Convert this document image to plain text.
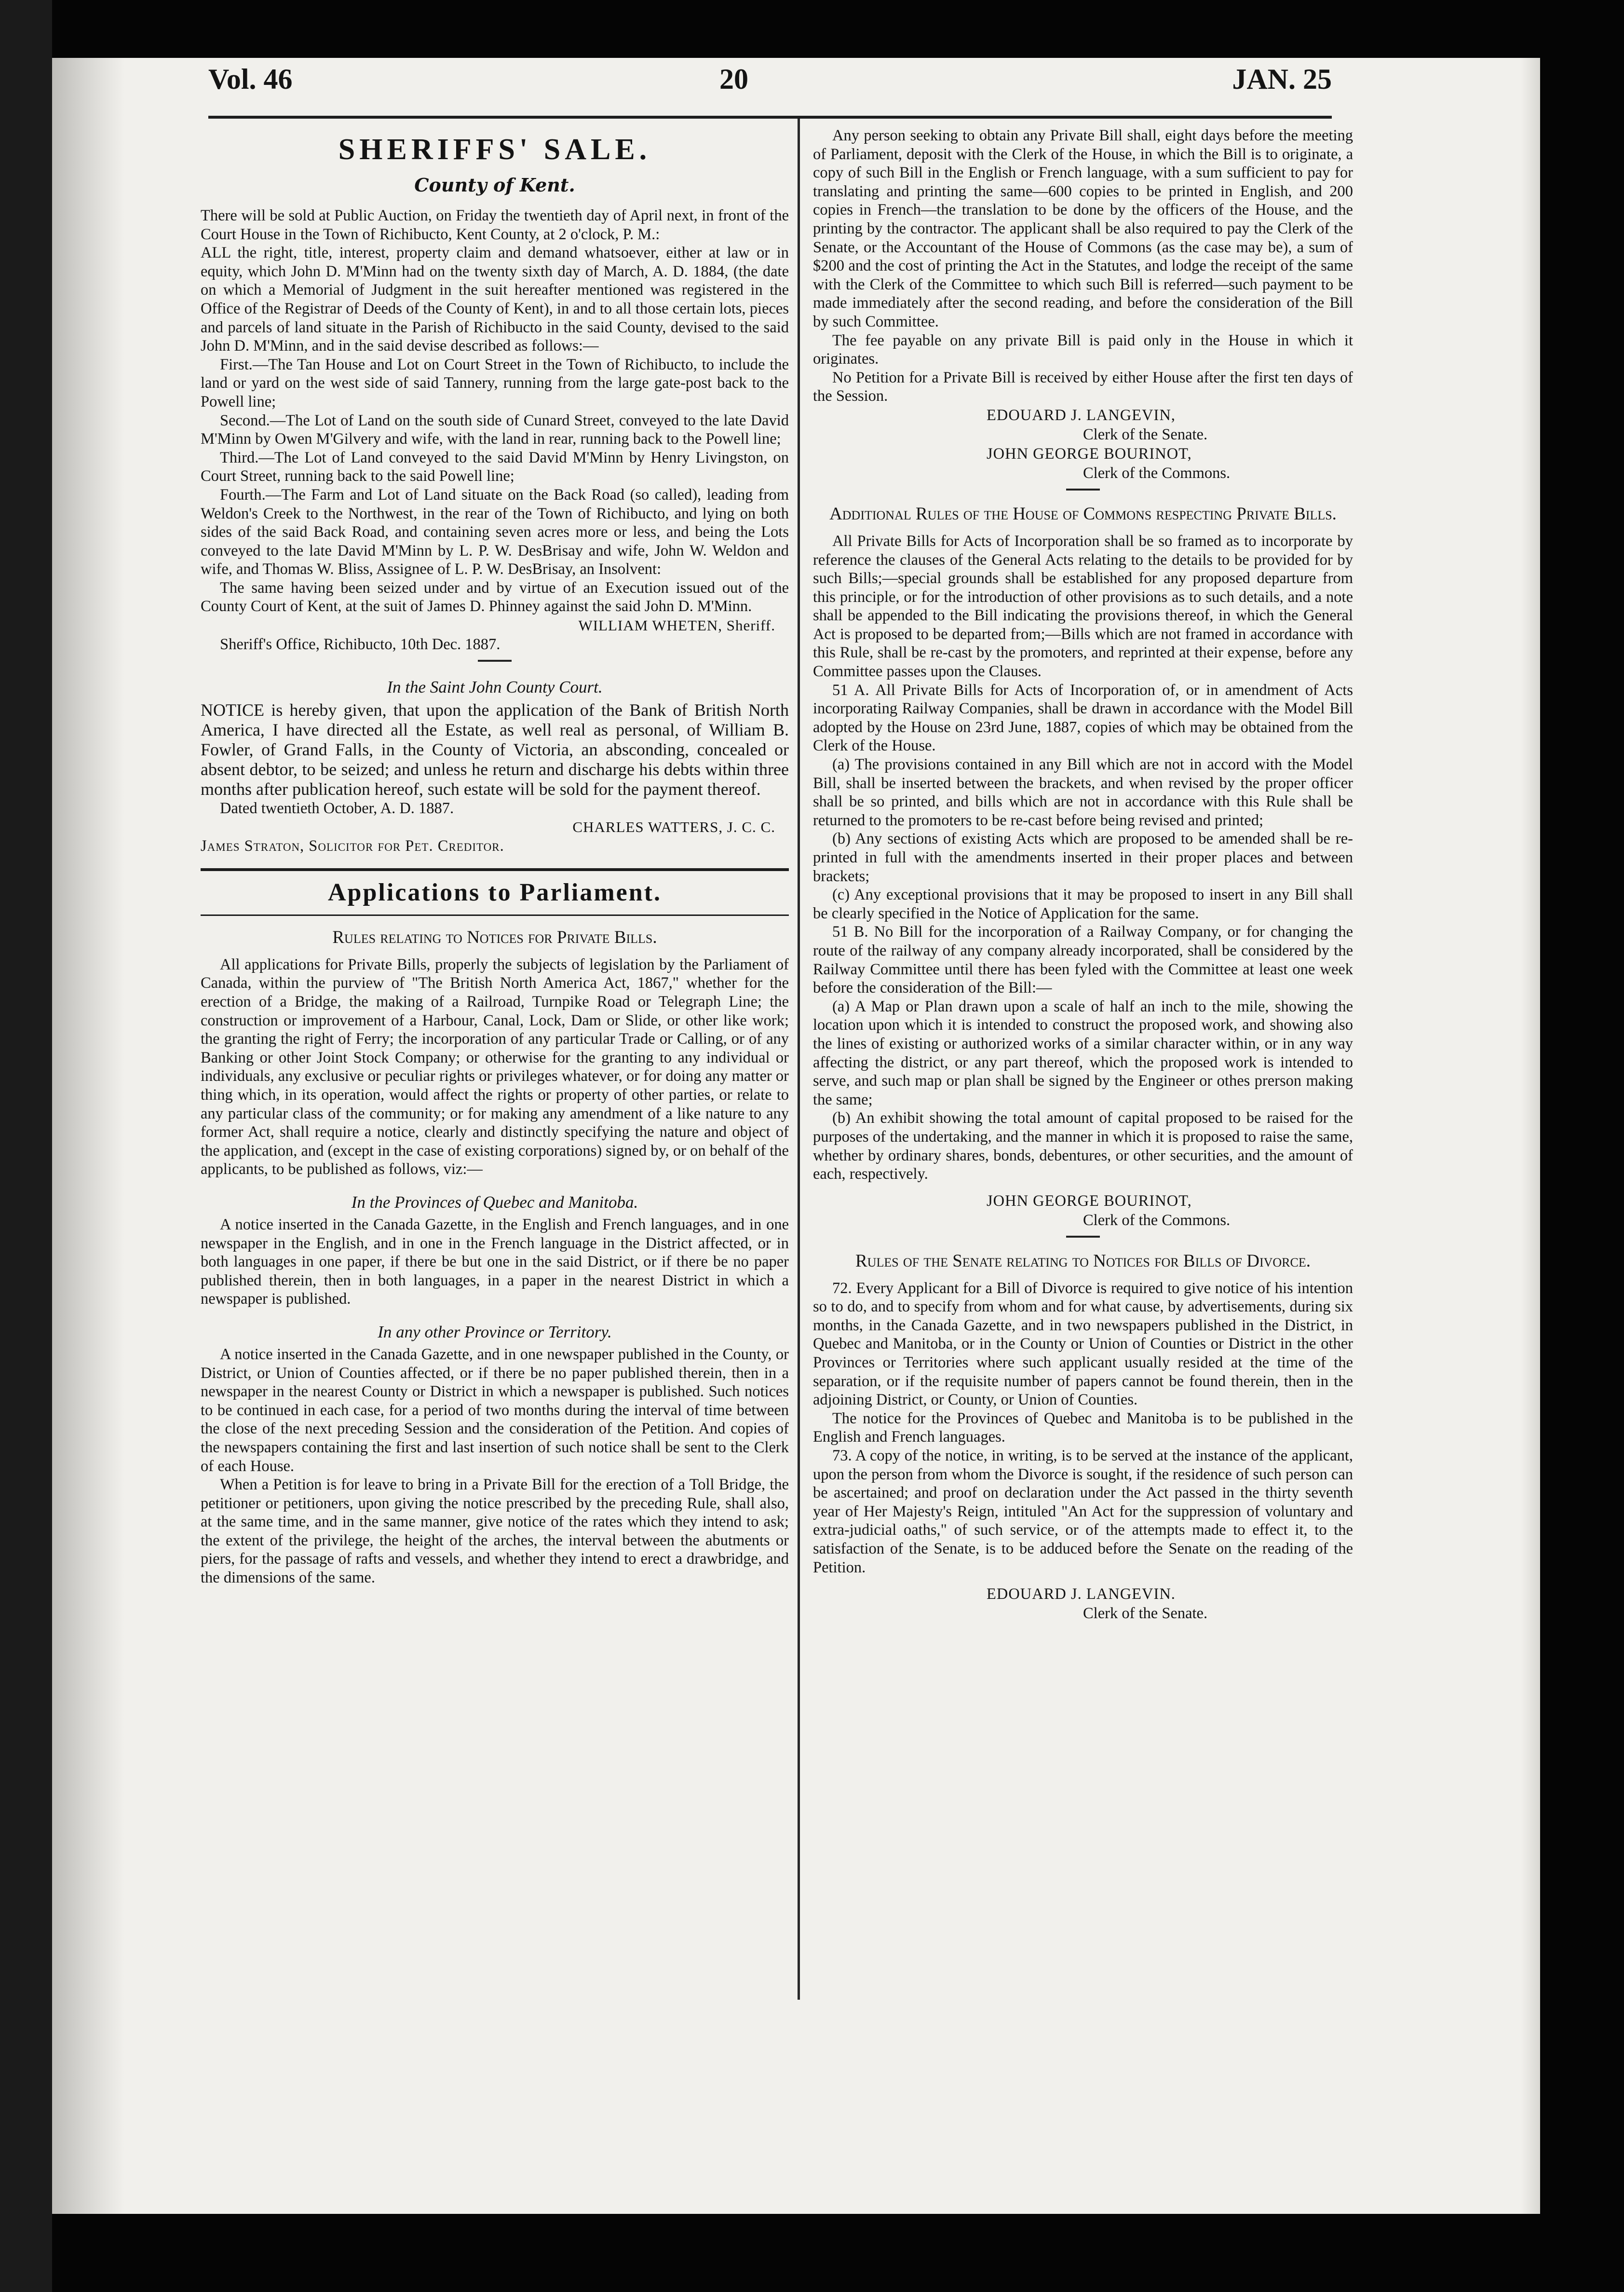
Vol. 46	20	JAN. 25
SHERIFFS' SALE.
County of Kent.

There will be sold at Public Auction, on Friday the twentieth day of April next, in front of the Court House in the Town of Richibucto, Kent County, at 2 o'clock, P. M.:

ALL the right, title, interest, property claim and demand whatsoever, either at law or in equity, which John D. M'Minn had on the twenty sixth day of March, A. D. 1884, (the date on which a Memorial of Judgment in the suit hereafter mentioned was registered in the Office of the Registrar of Deeds of the County of Kent), in and to all those certain lots, pieces and parcels of land situate in the Parish of Richibucto in the said County, devised to the said John D. M'Minn, and in the said devise described as follows:—

First.—The Tan House and Lot on Court Street in the Town of Richibucto, to include the land or yard on the west side of said Tannery, running from the large gate-post back to the Powell line;

Second.—The Lot of Land on the south side of Cunard Street, conveyed to the late David M'Minn by Owen M'Gilvery and wife, with the land in rear, running back to the Powell line;

Third.—The Lot of Land conveyed to the said David M'Minn by Henry Livingston, on Court Street, running back to the said Powell line;

Fourth.—The Farm and Lot of Land situate on the Back Road (so called), leading from Weldon's Creek to the Northwest, in the rear of the Town of Richibucto, and lying on both sides of the said Back Road, and containing seven acres more or less, and being the Lots conveyed to the late David M'Minn by L. P. W. DesBrisay and wife, John W. Weldon and wife, and Thomas W. Bliss, Assignee of L. P. W. DesBrisay, an Insolvent:

The same having been seized under and by virtue of an Execution issued out of the County Court of Kent, at the suit of James D. Phinney against the said John D. M'Minn.

WILLIAM WHETEN, Sheriff.

Sheriff's Office, Richibucto, 10th Dec. 1887.

In the Saint John County Court.

NOTICE is hereby given, that upon the application of the Bank of British North America, I have directed all the Estate, as well real as personal, of William B. Fowler, of Grand Falls, in the County of Victoria, an absconding, concealed or absent debtor, to be seized; and unless he return and discharge his debts within three months after publication hereof, such estate will be sold for the payment thereof.

Dated twentieth October, A. D. 1887.

CHARLES WATTERS, J. C. C.

James Straton, Solicitor for Pet. Creditor.

Applications to Parliament.
Rules relating to Notices for Private Bills.

All applications for Private Bills, properly the subjects of legislation by the Parliament of Canada, within the purview of "The British North America Act, 1867," whether for the erection of a Bridge, the making of a Railroad, Turnpike Road or Telegraph Line; the construction or improvement of a Harbour, Canal, Lock, Dam or Slide, or other like work; the granting the right of Ferry; the incorporation of any particular Trade or Calling, or of any Banking or other Joint Stock Company; or otherwise for the granting to any individual or individuals, any exclusive or peculiar rights or privileges whatever, or for doing any matter or thing which, in its operation, would affect the rights or property of other parties, or relate to any particular class of the community; or for making any amendment of a like nature to any former Act, shall require a notice, clearly and distinctly specifying the nature and object of the application, and (except in the case of existing corporations) signed by, or on behalf of the applicants, to be published as follows, viz:—

In the Provinces of Quebec and Manitoba.

A notice inserted in the Canada Gazette, in the English and French languages, and in one newspaper in the English, and in one in the French language in the District affected, or in both languages in one paper, if there be but one in the said District, or if there be no paper published therein, then in both languages, in a paper in the nearest District in which a newspaper is published.

In any other Province or Territory.

A notice inserted in the Canada Gazette, and in one newspaper published in the County, or District, or Union of Counties affected, or if there be no paper published therein, then in a newspaper in the nearest County or District in which a newspaper is published. Such notices to be continued in each case, for a period of two months during the interval of time between the close of the next preceding Session and the consideration of the Petition. And copies of the newspapers containing the first and last insertion of such notice shall be sent to the Clerk of each House.

When a Petition is for leave to bring in a Private Bill for the erection of a Toll Bridge, the petitioner or petitioners, upon giving the notice prescribed by the preceding Rule, shall also, at the same time, and in the same manner, give notice of the rates which they intend to ask; the extent of the privilege, the height of the arches, the interval between the abutments or piers, for the passage of rafts and vessels, and whether they intend to erect a drawbridge, and the dimensions of the same.

Any person seeking to obtain any Private Bill shall, eight days before the meeting of Parliament, deposit with the Clerk of the House, in which the Bill is to originate, a copy of such Bill in the English or French language, with a sum sufficient to pay for translating and printing the same—600 copies to be printed in English, and 200 copies in French—the translation to be done by the officers of the House, and the printing by the contractor. The applicant shall be also required to pay the Clerk of the Senate, or the Accountant of the House of Commons (as the case may be), a sum of $200 and the cost of printing the Act in the Statutes, and lodge the receipt of the same with the Clerk of the Committee to which such Bill is referred—such payment to be made immediately after the second reading, and before the consideration of the Bill by such Committee.

The fee payable on any private Bill is paid only in the House in which it originates.

No Petition for a Private Bill is received by either House after the first ten days of the Session.

EDOUARD J. LANGEVIN,
Clerk of the Senate.
JOHN GEORGE BOURINOT,
Clerk of the Commons.
Additional Rules of the House of Commons respecting Private Bills.

All Private Bills for Acts of Incorporation shall be so framed as to incorporate by reference the clauses of the General Acts relating to the details to be provided for by such Bills;—special grounds shall be established for any proposed departure from this principle, or for the introduction of other provisions as to such details, and a note shall be appended to the Bill indicating the provisions thereof, in which the General Act is proposed to be departed from;—Bills which are not framed in accordance with this Rule, shall be re-cast by the promoters, and reprinted at their expense, before any Committee passes upon the Clauses.

51 A. All Private Bills for Acts of Incorporation of, or in amendment of Acts incorporating Railway Companies, shall be drawn in accordance with the Model Bill adopted by the House on 23rd June, 1887, copies of which may be obtained from the Clerk of the House.

(a) The provisions contained in any Bill which are not in accord with the Model Bill, shall be inserted between the brackets, and when revised by the proper officer shall be so printed, and bills which are not in accordance with this Rule shall be returned to the promoters to be re-cast before being revised and printed;

(b) Any sections of existing Acts which are proposed to be amended shall be re-printed in full with the amendments inserted in their proper places and between brackets;

(c) Any exceptional provisions that it may be proposed to insert in any Bill shall be clearly specified in the Notice of Application for the same.

51 B. No Bill for the incorporation of a Railway Company, or for changing the route of the railway of any company already incorporated, shall be considered by the Railway Committee until there has been fyled with the Committee at least one week before the consideration of the Bill:—

(a) A Map or Plan drawn upon a scale of half an inch to the mile, showing the location upon which it is intended to construct the proposed work, and showing also the lines of existing or authorized works of a similar character within, or in any way affecting the district, or any part thereof, which the proposed work is intended to serve, and such map or plan shall be signed by the Engineer or othes prerson making the same;

(b) An exhibit showing the total amount of capital proposed to be raised for the purposes of the undertaking, and the manner in which it is proposed to raise the same, whether by ordinary shares, bonds, debentures, or other securities, and the amount of each, respectively.

JOHN GEORGE BOURINOT,
Clerk of the Commons.
Rules of the Senate relating to Notices for Bills of Divorce.

72. Every Applicant for a Bill of Divorce is required to give notice of his intention so to do, and to specify from whom and for what cause, by advertisements, during six months, in the Canada Gazette, and in two newspapers published in the District, in Quebec and Manitoba, or in the County or Union of Counties or District in the other Provinces or Territories where such applicant usually resided at the time of the separation, or if the requisite number of papers cannot be found therein, then in the adjoining District, or County, or Union of Counties.

The notice for the Provinces of Quebec and Manitoba is to be published in the English and French languages.

73. A copy of the notice, in writing, is to be served at the instance of the applicant, upon the person from whom the Divorce is sought, if the residence of such person can be ascertained; and proof on declaration under the Act passed in the thirty seventh year of Her Majesty's Reign, intituled "An Act for the suppression of voluntary and extra-judicial oaths," of such service, or of the attempts made to effect it, to the satisfaction of the Senate, is to be adduced before the Senate on the reading of the Petition.

EDOUARD J. LANGEVIN.
Clerk of the Senate.
